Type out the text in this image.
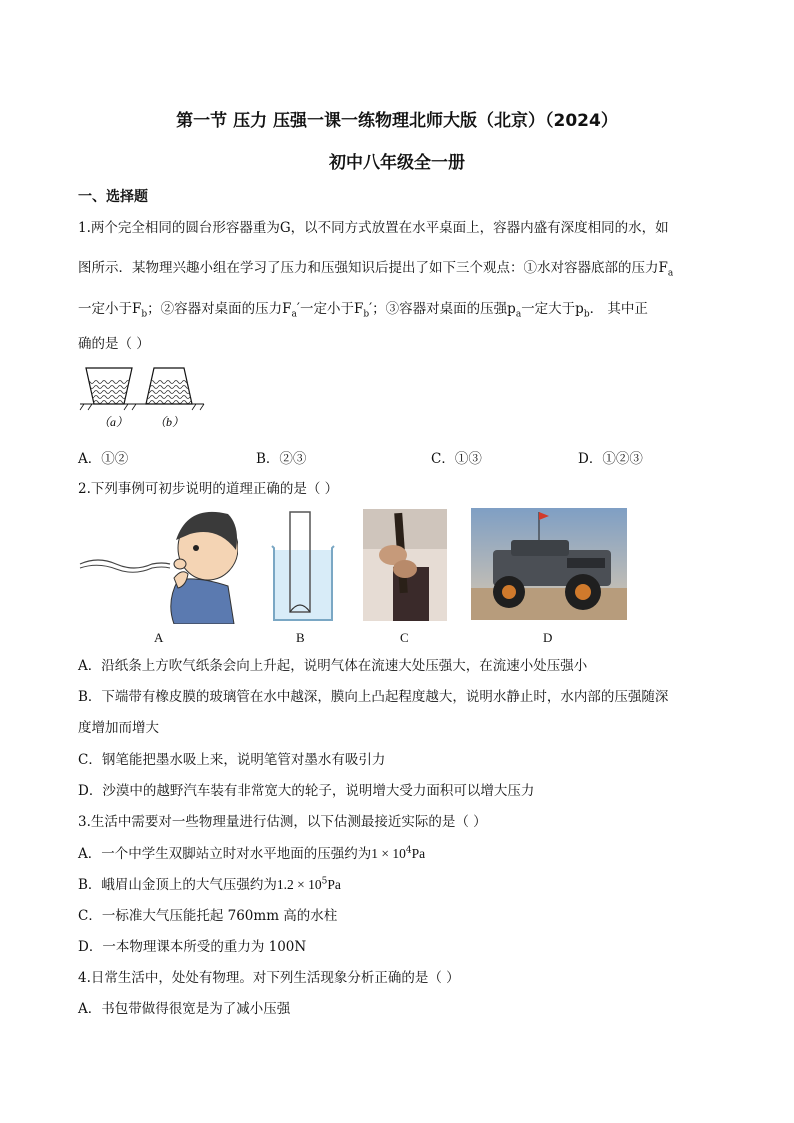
第一节 压力 压强一课一练物理北师大版（北京）（2024）
初中八年级全一册
一、选择题
1.两个完全相同的圆台形容器重为G，以不同方式放置在水平桌面上，容器内盛有深度相同的水，如
图所示．某物理兴趣小组在学习了压力和压强知识后提出了如下三个观点：①水对容器底部的压力$F_a$
一定小于$F_b$；②容器对桌面的压力$F_a'$一定小于$F_b'$；③容器对桌面的压强$p_a$一定大于$p_b$． 其中正
确的是（ ）
（a） （b）
A．①②	B．②③	C．①③	D．①②③
2.下列事例可初步说明的道理正确的是（ ）
A	B	C	D
A．沿纸条上方吹气纸条会向上升起，说明气体在流速大处压强大，在流速小处压强小
B．下端带有橡皮膜的玻璃管在水中越深，膜向上凸起程度越大，说明水静止时，水内部的压强随深
度增加而增大
C．钢笔能把墨水吸上来，说明笔管对墨水有吸引力
D．沙漠中的越野汽车装有非常宽大的轮子，说明增大受力面积可以增大压力
3.生活中需要对一些物理量进行估测，以下估测最接近实际的是（ ）
A．一个中学生双脚站立时对水平地面的压强约为$1 \times 10^4Pa$
B．峨眉山金顶上的大气压强约为$1.2 \times 10^5Pa$
C．一标准大气压能托起 760mm 高的水柱
D．一本物理课本所受的重力为 100N
4.日常生活中，处处有物理。对下列生活现象分析正确的是（ ）
A．书包带做得很宽是为了减小压强
